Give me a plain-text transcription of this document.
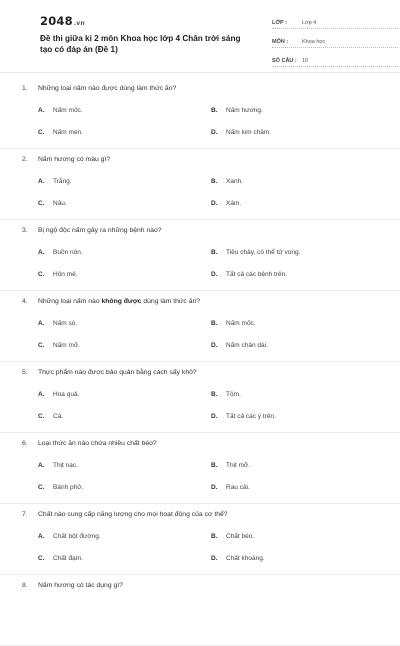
2048.vn
Đề thi giữa kì 2 môn Khoa học lớp 4 Chân trời sáng tạo có đáp án (Đề 1)
LỚP :	Lớp 4
MÔN :	Khoa học
SỐ CÂU : 10
1. Những loại nấm nào được dùng làm thức ăn?
A. Nấm mốc.	B. Nấm hương.
C. Nấm men.	D. Nấm kim châm.
2. Nấm hương có màu gì?
A. Trắng.	B. Xanh.
C. Nâu.	D. Xám.
3. Bị ngộ độc nấm gây ra những bệnh nào?
A. Buồn nôn.	B. Tiêu chảy, có thể tử vong.
C. Hôn mê.	D. Tất cả các bệnh trên.
4. Những loại nấm nào không được dùng làm thức ăn?
A. Nấm sò.	B. Nấm mốc.
C. Nấm mỡ.	D. Nấm chân dài.
5. Thực phẩm nào được bảo quản bằng cách sấy khô?
A. Hoa quả.	B. Tôm.
C. Cá.	D. Tất cả các ý trên.
6. Loại thức ăn nào chứa nhiều chất béo?
A. Thịt nạc.	B. Thịt mỡ.
C. Bánh phở.	D. Rau cải.
7. Chất nào cung cấp năng lượng cho mọi hoạt động của cơ thể?
A. Chất bột đường.	B. Chất béo.
C. Chất đạm.	D. Chất khoáng.
8. Nấm hương có tác dụng gì?
